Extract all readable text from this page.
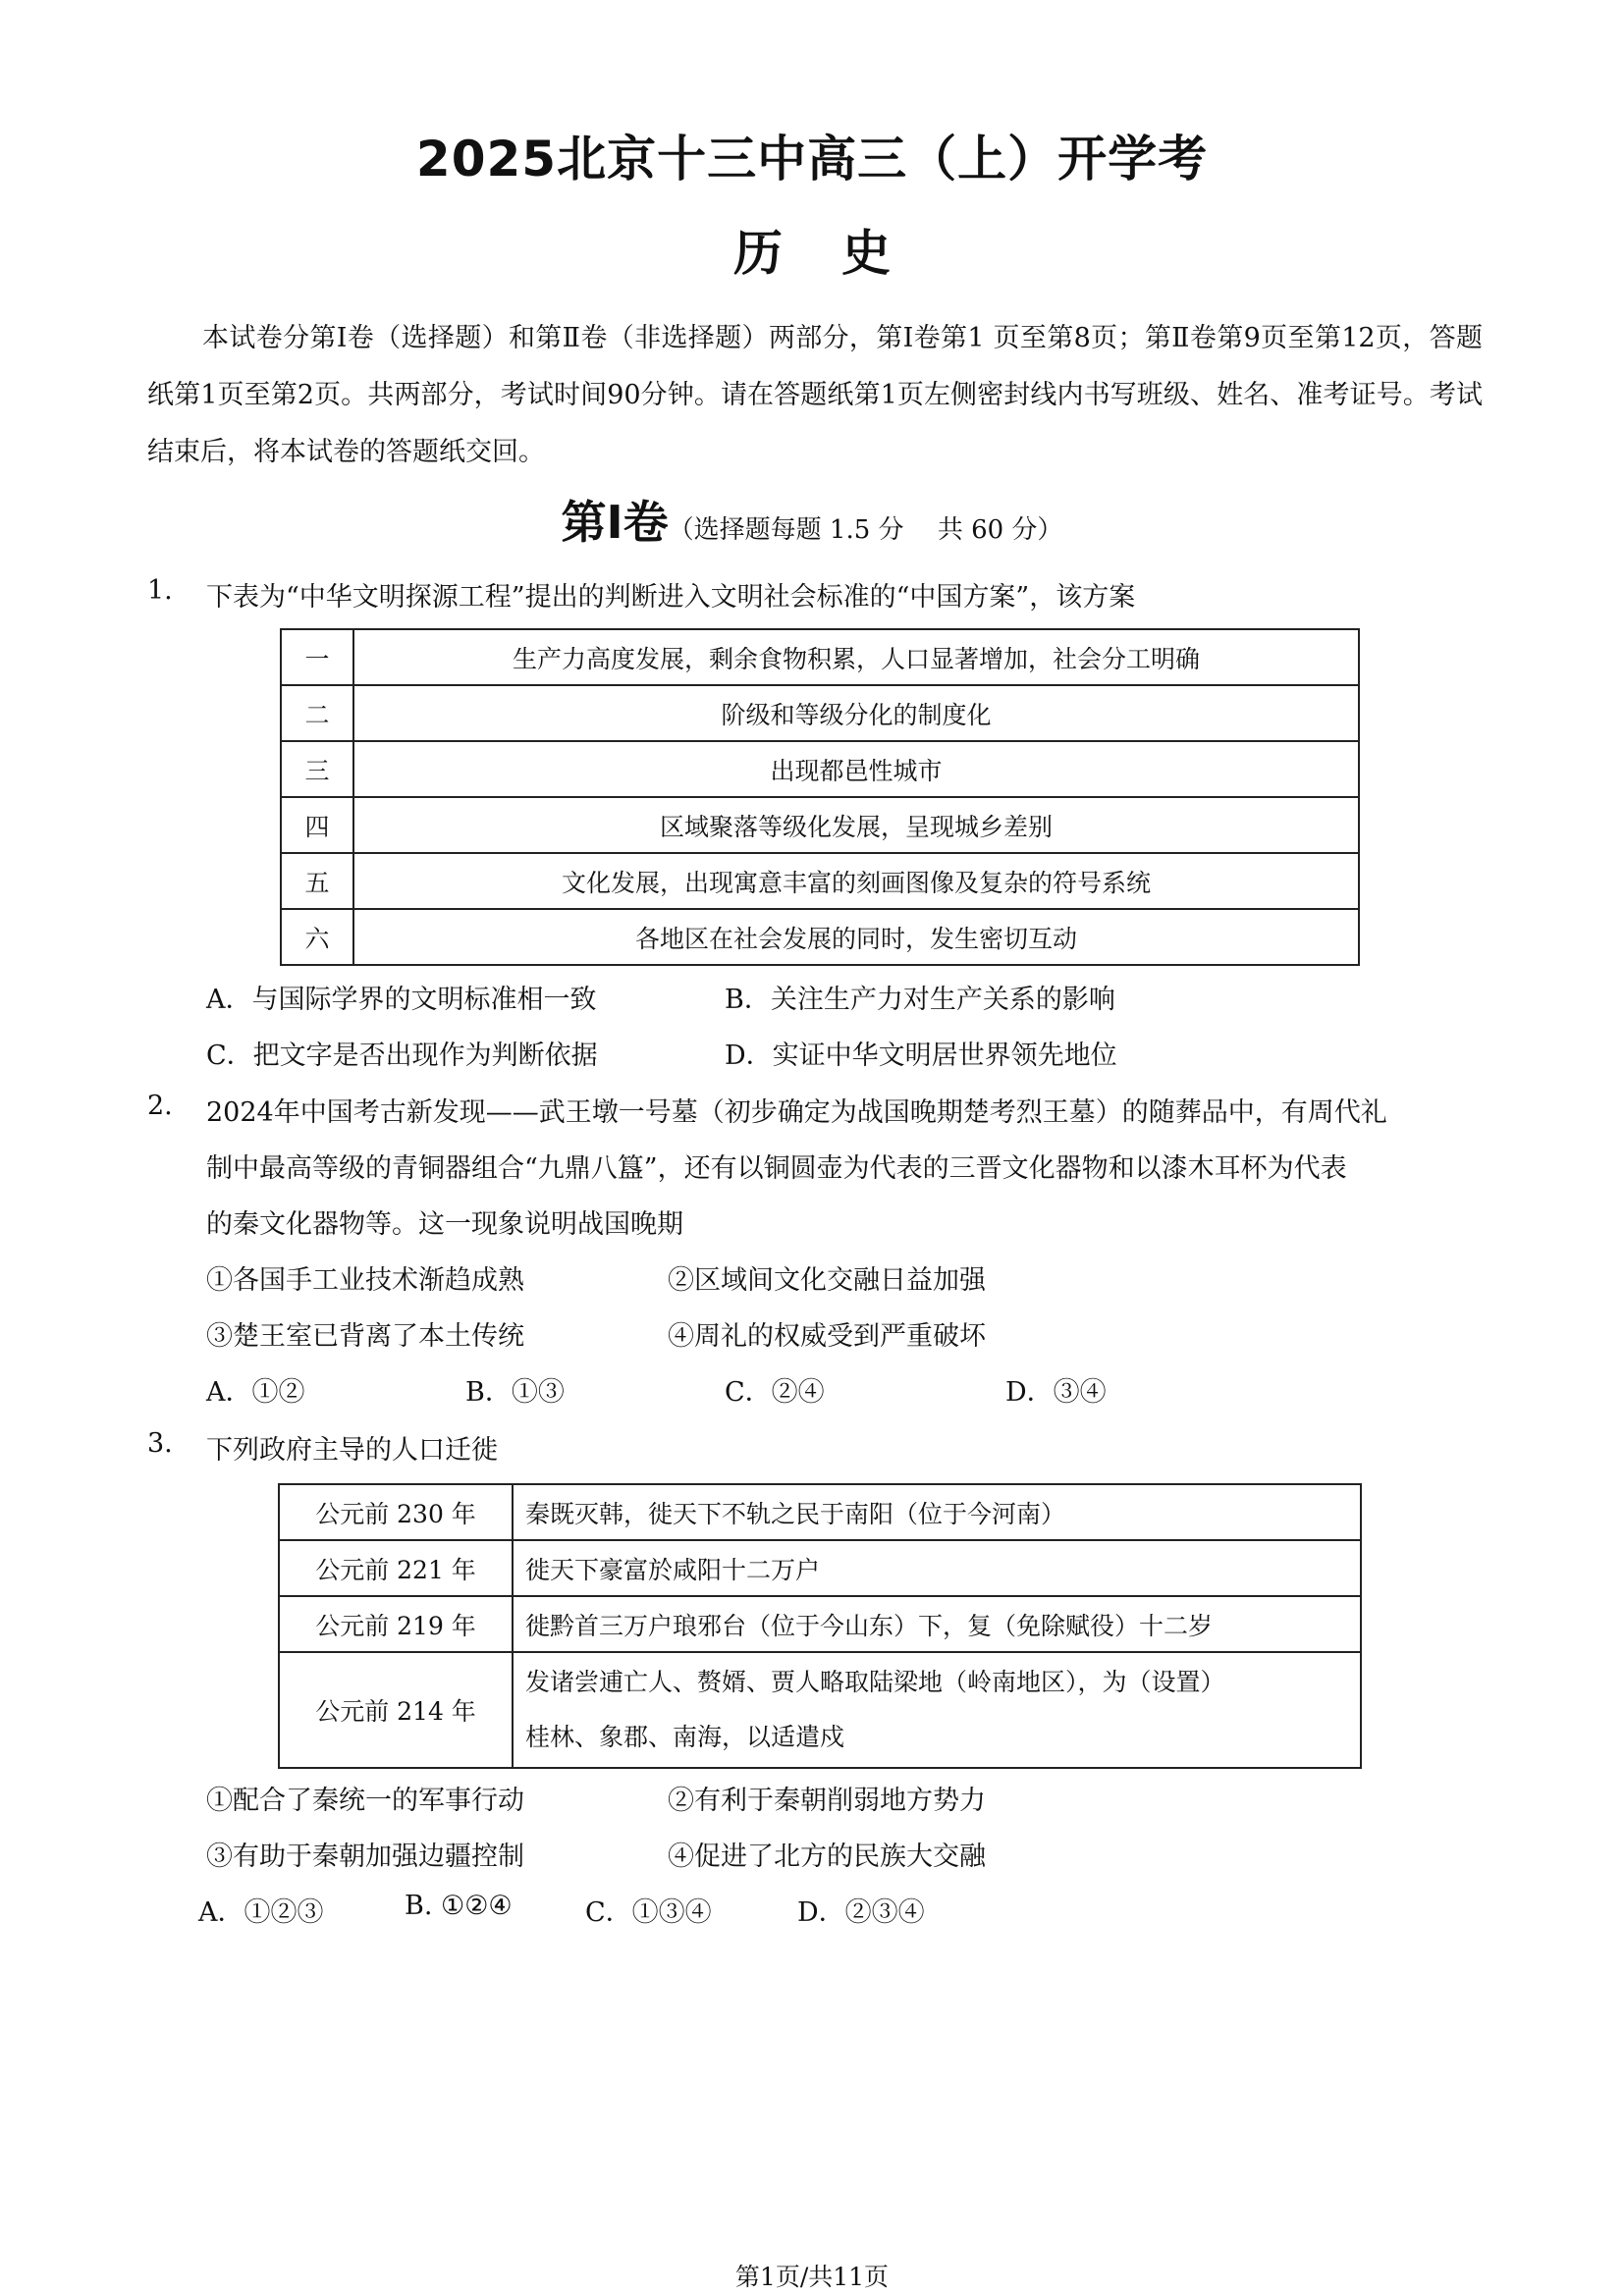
2025北京十三中高三（上）开学考
历史
本试卷分第Ⅰ卷（选择题）和第Ⅱ卷（非选择题）两部分，第Ⅰ卷第1 页至第8页；第Ⅱ卷第9页至第12页，答题纸第1页至第2页。共两部分，考试时间90分钟。请在答题纸第1页左侧密封线内书写班级、姓名、准考证号。考试结束后，将本试卷的答题纸交回。
第Ⅰ卷（选择题每题 1.5 分　 共 60 分）
1. 下表为“中华文明探源工程”提出的判断进入文明社会标准的“中国方案”，该方案
一	生产力高度发展，剩余食物积累，人口显著增加，社会分工明确
二	阶级和等级分化的制度化
三	出现都邑性城市
四	区域聚落等级化发展，呈现城乡差别
五	文化发展，出现寓意丰富的刻画图像及复杂的符号系统
六	各地区在社会发展的同时，发生密切互动
A．与国际学界的文明标准相一致	B．关注生产力对生产关系的影响
C．把文字是否出现作为判断依据	D．实证中华文明居世界领先地位
2. 2024年中国考古新发现——武王墩一号墓（初步确定为战国晚期楚考烈王墓）的随葬品中，有周代礼
制中最高等级的青铜器组合“九鼎八簋”，还有以铜圆壶为代表的三晋文化器物和以漆木耳杯为代表
的秦文化器物等。这一现象说明战国晚期
①各国手工业技术渐趋成熟	②区域间文化交融日益加强
③楚王室已背离了本土传统	④周礼的权威受到严重破坏
A．①②	B．①③	C．②④	D．③④
3. 下列政府主导的人口迁徙
公元前 230 年	秦既灭韩，徙天下不轨之民于南阳（位于今河南）
公元前 221 年	徙天下豪富於咸阳十二万户
公元前 219 年	徙黔首三万户琅邪台（位于今山东）下，复（免除赋役）十二岁
公元前 214 年	发诸尝逋亡人、赘婿、贾人略取陆梁地（岭南地区），为（设置）
桂林、象郡、南海，以适遣戍
①配合了秦统一的军事行动	②有利于秦朝削弱地方势力
③有助于秦朝加强边疆控制	④促进了北方的民族大交融
A．①②③	B. ①②④	C．①③④	D．②③④
第1页/共11页
